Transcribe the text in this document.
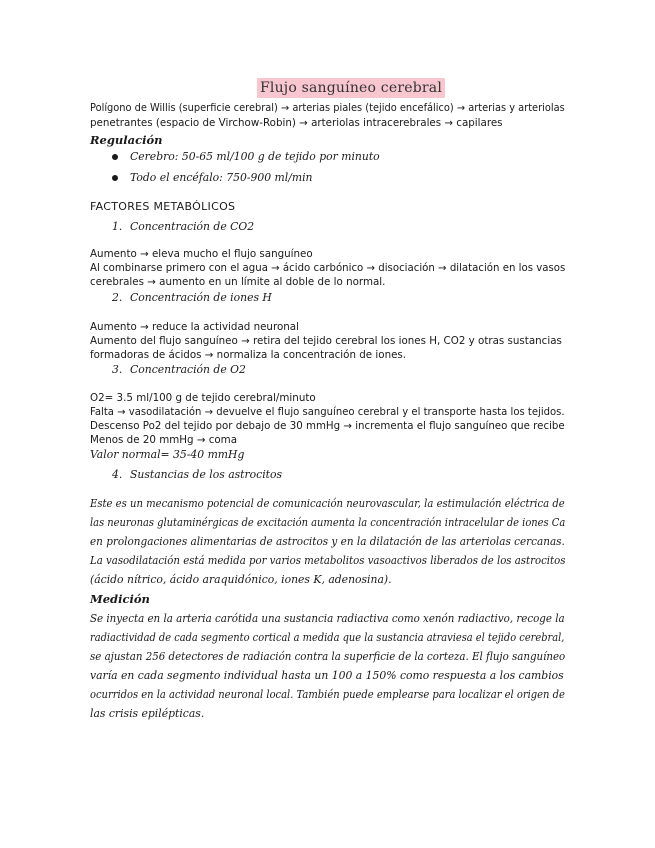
Flujo sanguíneo cerebral
Polígono de Willis (superficie cerebral) → arterias piales (tejido encefálico) → arterias y arteriolas
penetrantes (espacio de Virchow-Robin) → arteriolas intracerebrales → capilares
Regulación
Cerebro: 50-65 ml/100 g de tejido por minuto
Todo el encéfalo: 750-900 ml/min
FACTORES METABÓLICOS
1. Concentración de CO2
Aumento → eleva mucho el flujo sanguíneo
Al combinarse primero con el agua → ácido carbónico → disociación → dilatación en los vasos
cerebrales → aumento en un límite al doble de lo normal.
2. Concentración de iones H
Aumento → reduce la actividad neuronal
Aumento del flujo sanguíneo → retira del tejido cerebral los iones H, CO2 y otras sustancias
formadoras de ácidos → normaliza la concentración de iones.
3. Concentración de O2
O2= 3.5 ml/100 g de tejido cerebral/minuto
Falta → vasodilatación → devuelve el flujo sanguíneo cerebral y el transporte hasta los tejidos.
Descenso Po2 del tejido por debajo de 30 mmHg → incrementa el flujo sanguíneo que recibe
Menos de 20 mmHg → coma
Valor normal= 35-40 mmHg
4. Sustancias de los astrocitos
Este es un mecanismo potencial de comunicación neurovascular, la estimulación eléctrica de
las neuronas glutaminérgicas de excitación aumenta la concentración intracelular de iones Ca
en prolongaciones alimentarias de astrocitos y en la dilatación de las arteriolas cercanas.
La vasodilatación está medida por varios metabolitos vasoactivos liberados de los astrocitos
(ácido nítrico, ácido araquidónico, iones K, adenosina).
Medición
Se inyecta en la arteria carótida una sustancia radiactiva como xenón radiactivo, recoge la
radiactividad de cada segmento cortical a medida que la sustancia atraviesa el tejido cerebral,
se ajustan 256 detectores de radiación contra la superficie de la corteza. El flujo sanguíneo
varía en cada segmento individual hasta un 100 a 150% como respuesta a los cambios
ocurridos en la actividad neuronal local. También puede emplearse para localizar el origen de
las crisis epilépticas.
